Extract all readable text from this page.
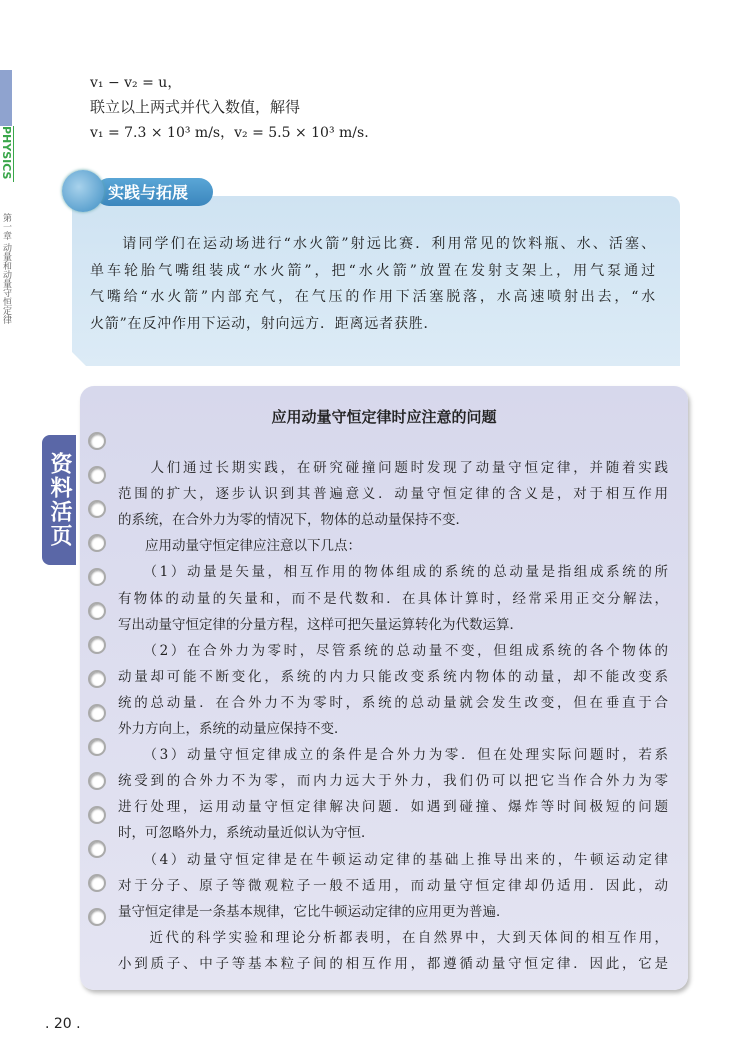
PHYSICS
第一章 动量和动量守恒定律
v₁ − v₂ = u，
联立以上两式并代入数值，解得
v₁ = 7.3 × 10³ m/s，v₂ = 5.5 × 10³ m/s.
实践与拓展
　　请同学们在运动场进行“水火箭”射远比赛．利用常见的饮料瓶、水、活塞、
单车轮胎气嘴组装成“水火箭”，把“水火箭”放置在发射支架上，用气泵通过
气嘴给“水火箭”内部充气，在气压的作用下活塞脱落，水高速喷射出去，“水
火箭”在反冲作用下运动，射向远方．距离远者获胜．
资料活页
应用动量守恒定律时应注意的问题
　　人们通过长期实践，在研究碰撞问题时发现了动量守恒定律，并随着实践
范围的扩大，逐步认识到其普遍意义．动量守恒定律的含义是，对于相互作用
的系统，在合外力为零的情况下，物体的总动量保持不变．
　　应用动量守恒定律应注意以下几点：
　　（1）动量是矢量，相互作用的物体组成的系统的总动量是指组成系统的所
有物体的动量的矢量和，而不是代数和．在具体计算时，经常采用正交分解法，
写出动量守恒定律的分量方程，这样可把矢量运算转化为代数运算．
　　（2）在合外力为零时，尽管系统的总动量不变，但组成系统的各个物体的
动量却可能不断变化，系统的内力只能改变系统内物体的动量，却不能改变系
统的总动量．在合外力不为零时，系统的总动量就会发生改变，但在垂直于合
外力方向上，系统的动量应保持不变．
　　（3）动量守恒定律成立的条件是合外力为零．但在处理实际问题时，若系
统受到的合外力不为零，而内力远大于外力，我们仍可以把它当作合外力为零
进行处理，运用动量守恒定律解决问题．如遇到碰撞、爆炸等时间极短的问题
时，可忽略外力，系统动量近似认为守恒．
　　（4）动量守恒定律是在牛顿运动定律的基础上推导出来的，牛顿运动定律
对于分子、原子等微观粒子一般不适用，而动量守恒定律却仍适用．因此，动
量守恒定律是一条基本规律，它比牛顿运动定律的应用更为普遍．
　　近代的科学实验和理论分析都表明，在自然界中，大到天体间的相互作用，
小到质子、中子等基本粒子间的相互作用，都遵循动量守恒定律．因此，它是
. 20 .
